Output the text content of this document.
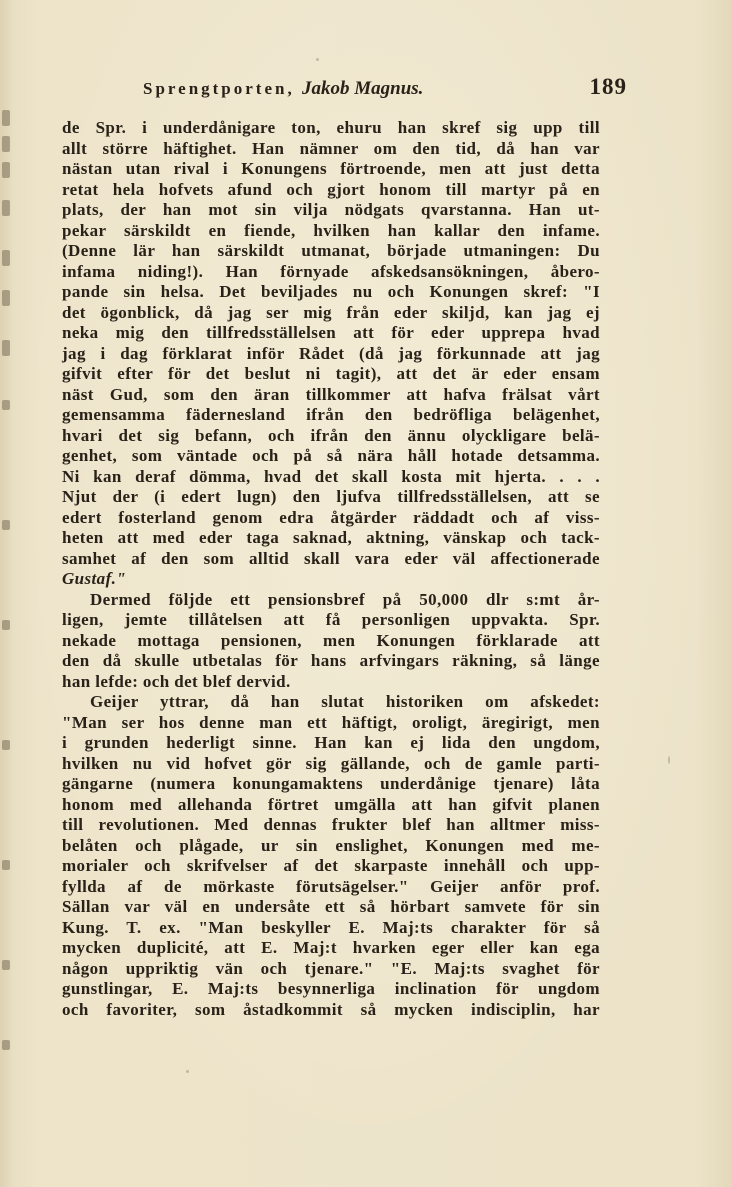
Sprengtporten, Jakob Magnus.	189
de Spr. i underdånigare ton, ehuru han skref sig upp till
allt större häftighet. Han nämner om den tid, då han var
nästan utan rival i Konungens förtroende, men att just detta
retat hela hofvets afund och gjort honom till martyr på en
plats, der han mot sin vilja nödgats qvarstanna. Han ut-
pekar särskildt en fiende, hvilken han kallar den infame.
(Denne lär han särskildt utmanat, började utmaningen: Du
infama niding!). Han förnyade afskedsansökningen, åbero-
pande sin helsa. Det beviljades nu och Konungen skref: "I
det ögonblick, då jag ser mig från eder skiljd, kan jag ej
neka mig den tillfredsställelsen att för eder upprepa hvad
jag i dag förklarat inför Rådet (då jag förkunnade att jag
gifvit efter för det beslut ni tagit), att det är eder ensam
näst Gud, som den äran tillkommer att hafva frälsat vårt
gemensamma fädernesland ifrån den bedröfliga belägenhet,
hvari det sig befann, och ifrån den ännu olyckligare belä-
genhet, som väntade och på så nära håll hotade detsamma.
Ni kan deraf dömma, hvad det skall kosta mit hjerta. . . .
Njut der (i edert lugn) den ljufva tillfredsställelsen, att se
edert fosterland genom edra åtgärder räddadt och af viss-
heten att med eder taga saknad, aktning, vänskap och tack-
samhet af den som alltid skall vara eder väl affectionerade
Gustaf."
Dermed följde ett pensionsbref på 50,000 dlr s:mt år-
ligen, jemte tillåtelsen att få personligen uppvakta. Spr.
nekade mottaga pensionen, men Konungen förklarade att
den då skulle utbetalas för hans arfvingars räkning, så länge
han lefde: och det blef dervid.
Geijer yttrar, då han slutat historiken om afskedet:
"Man ser hos denne man ett häftigt, oroligt, äregirigt, men
i grunden hederligt sinne. Han kan ej lida den ungdom,
hvilken nu vid hofvet gör sig gällande, och de gamle parti-
gängarne (numera konungamaktens underdånige tjenare) låta
honom med allehanda förtret umgälla att han gifvit planen
till revolutionen. Med dennas frukter blef han alltmer miss-
belåten och plågade, ur sin enslighet, Konungen med me-
morialer och skrifvelser af det skarpaste innehåll och upp-
fyllda af de mörkaste förutsägelser." Geijer anför prof.
Sällan var väl en undersåte ett så hörbart samvete för sin
Kung. T. ex. "Man beskyller E. Maj:ts charakter för så
mycken duplicité, att E. Maj:t hvarken eger eller kan ega
någon uppriktig vän och tjenare." "E. Maj:ts svaghet för
gunstlingar, E. Maj:ts besynnerliga inclination för ungdom
och favoriter, som åstadkommit så mycken indisciplin, har
